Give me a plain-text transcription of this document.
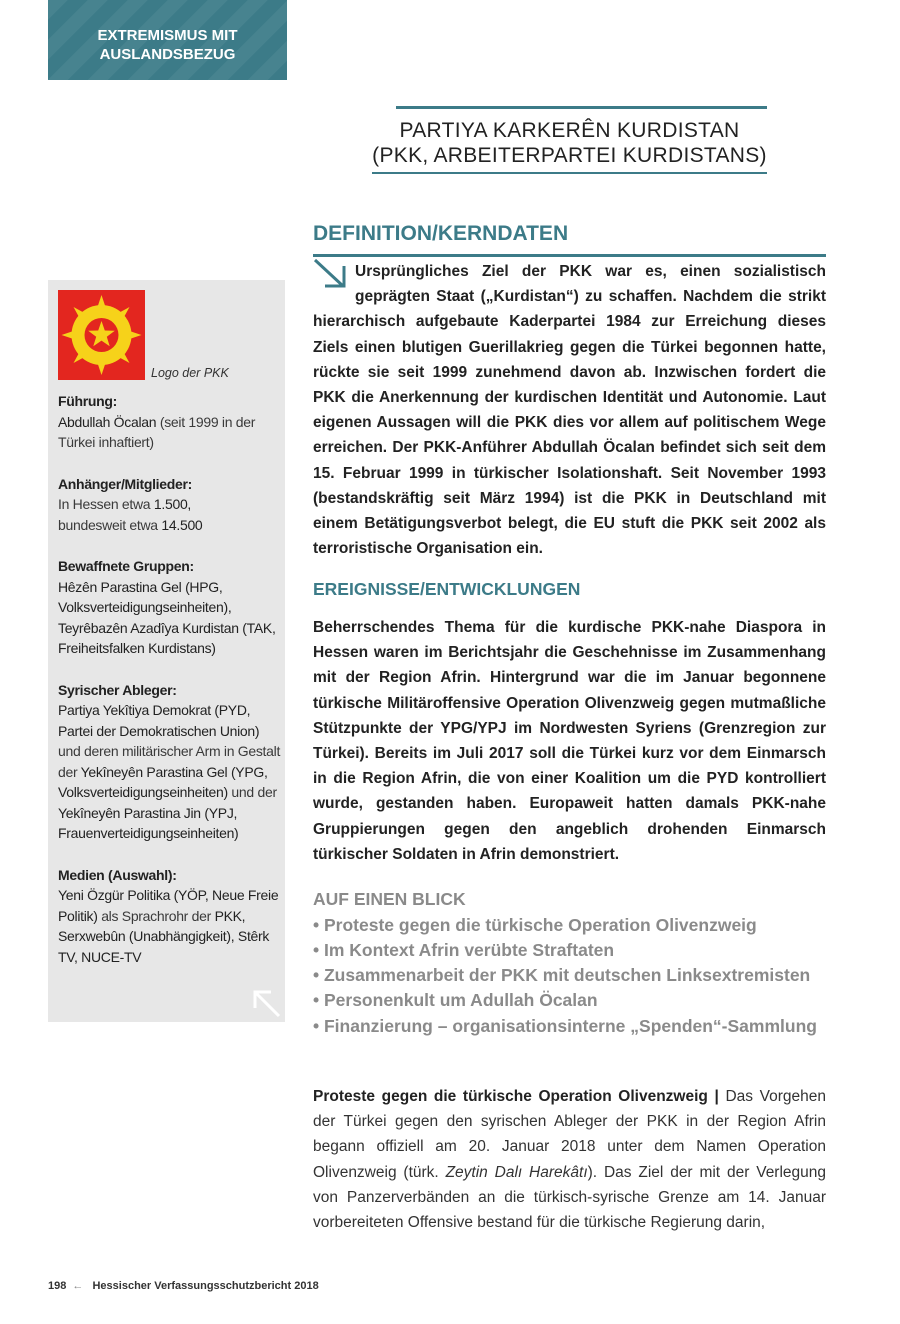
EXTREMISMUS MIT
AUSLANDSBEZUG
PARTIYA KARKERÊN KURDISTAN
(PKK, ARBEITERPARTEI KURDISTANS)
DEFINITION/KERNDATEN

Ursprüngliches Ziel der PKK war es, einen sozialistisch geprägten Staat („Kurdistan“) zu schaffen. Nachdem die strikt hierarchisch aufgebaute Kaderpartei 1984 zur Erreichung dieses Ziels einen blutigen Guerillakrieg gegen die Türkei begonnen hatte, rückte sie seit 1999 zunehmend davon ab. Inzwischen fordert die PKK die Anerkennung der kurdischen Identität und Autonomie. Laut eigenen Aussagen will die PKK dies vor allem auf politischem Wege erreichen. Der PKK-Anführer Abdullah Öcalan befindet sich seit dem 15. Februar 1999 in türkischer Isolationshaft. Seit November 1993 (bestandskräftig seit März 1994) ist die PKK in Deutschland mit einem Betätigungsverbot belegt, die EU stuft die PKK seit 2002 als terroristische Organisation ein.

EREIGNISSE/ENTWICKLUNGEN

Beherrschendes Thema für die kurdische PKK-nahe Diaspora in Hessen waren im Berichtsjahr die Geschehnisse im Zusammenhang mit der Region Afrin. Hintergrund war die im Januar begonnene türkische Militäroffensive Operation Olivenzweig gegen mutmaßliche Stützpunkte der YPG/YPJ im Nordwesten Syriens (Grenzregion zur Türkei). Bereits im Juli 2017 soll die Türkei kurz vor dem Einmarsch in die Region Afrin, die von einer Koalition um die PYD kontrolliert wurde, gestanden haben. Europaweit hatten damals PKK-nahe Gruppierungen gegen den angeblich drohenden Einmarsch türkischer Soldaten in Afrin demonstriert.

AUF EINEN BLICK
• Proteste gegen die türkische Operation Olivenzweig
• Im Kontext Afrin verübte Straftaten
• Zusammenarbeit der PKK mit deutschen Linksextremisten
• Personenkult um Adullah Öcalan
• Finanzierung – organisationsinterne „Spenden“-Sammlung

Proteste gegen die türkische Operation Olivenzweig | Das Vorgehen der Türkei gegen den syrischen Ableger der PKK in der Region Afrin begann offiziell am 20. Januar 2018 unter dem Namen Operation Olivenzweig (türk. Zeytin Dalı Harekâtı). Das Ziel der mit der Verlegung von Panzerverbänden an die türkisch-syrische Grenze am 14. Januar vorbereiteten Offensive bestand für die türkische Regierung darin,

Logo der PKK
Führung:
Abdullah Öcalan (seit 1999 in der Türkei inhaftiert)
Anhänger/Mitglieder:
In Hessen etwa 1.500,
bundesweit etwa 14.500
Bewaffnete Gruppen:
Hêzên Parastina Gel (HPG, Volksverteidigungseinheiten), Teyrêbazên Azadîya Kurdistan (TAK, Freiheitsfalken Kurdistans)
Syrischer Ableger:
Partiya Yekîtiya Demokrat (PYD, Partei der Demokratischen Union) und deren militärischer Arm in Gestalt der Yekîneyên Parastina Gel (YPG, Volksverteidigungseinheiten) und der Yekîneyên Parastina Jin (YPJ, Frauenverteidigungseinheiten)
Medien (Auswahl):
Yeni Özgür Politika (YÖP, Neue Freie Politik) als Sprachrohr der PKK, Serxwebûn (Unabhängigkeit), Stêrk TV, NUCE-TV
198 ← Hessischer Verfassungsschutzbericht 2018
